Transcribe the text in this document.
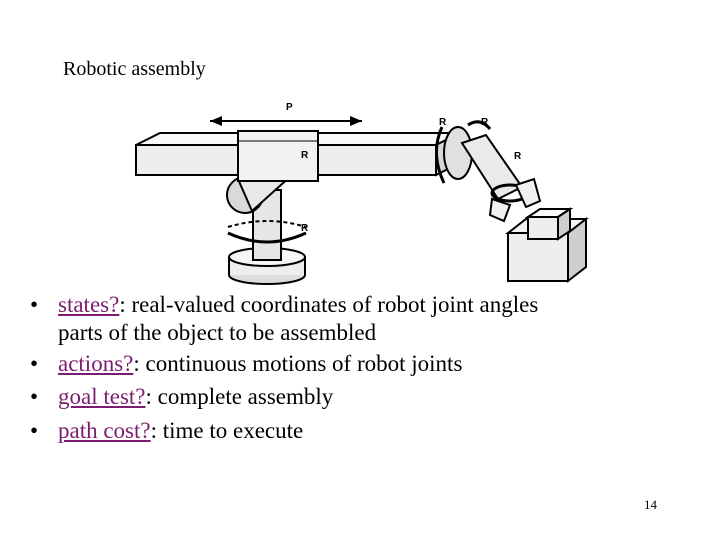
Robotic assembly
P
R
R
R	R
R
• states?: real-valued coordinates of robot joint angles
parts of the object to be assembled
• actions?: continuous motions of robot joints
• goal test?: complete assembly
• path cost?: time to execute
14
